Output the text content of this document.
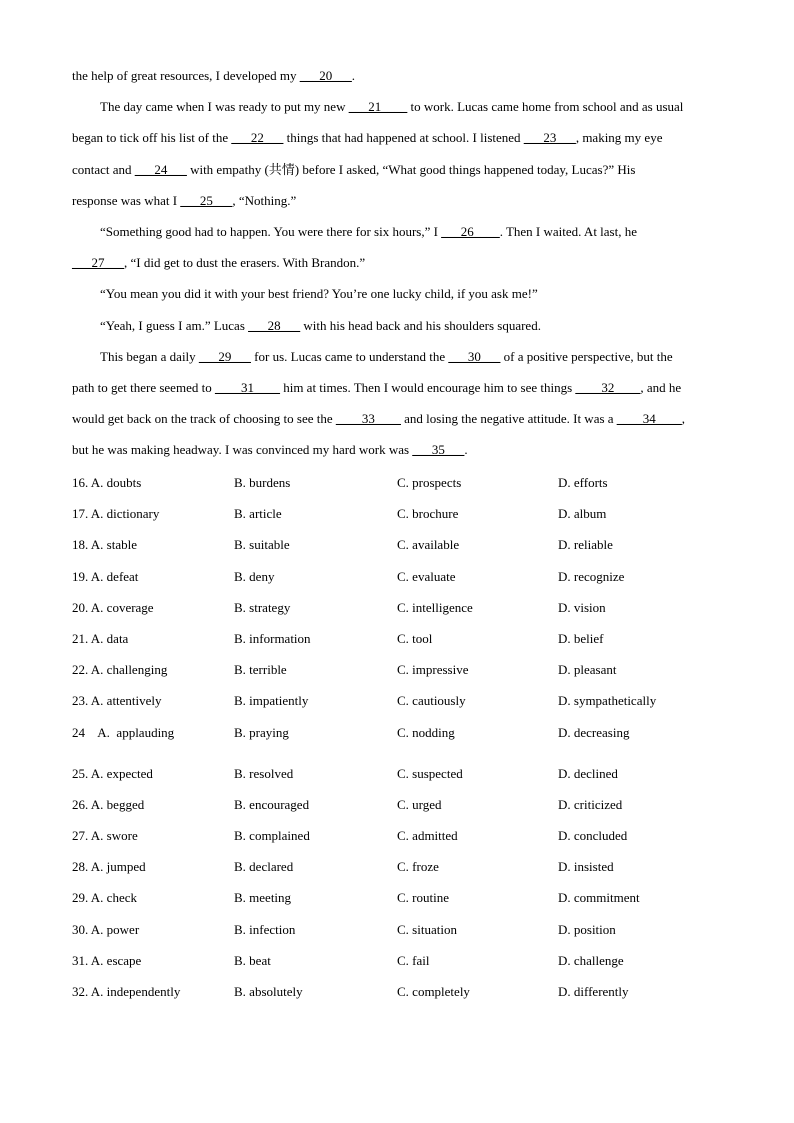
the help of great resources, I developed my ___20___.
The day came when I was ready to put my new ___21____ to work. Lucas came home from school and as usual
began to tick off his list of the ___22___ things that had happened at school. I listened ___23___, making my eye
contact and ___24___ with empathy (共情) before I asked, “What good things happened today, Lucas?” His
response was what I ___25___, “Nothing.”
“Something good had to happen. You were there for six hours,” I ___26____. Then I waited. At last, he
___27___, “I did get to dust the erasers. With Brandon.”
“You mean you did it with your best friend? You’re one lucky child, if you ask me!”
“Yeah, I guess I am.” Lucas ___28___ with his head back and his shoulders squared.
This began a daily ___29___ for us. Lucas came to understand the ___30___ of a positive perspective, but the
path to get there seemed to ____31____ him at times. Then I would encourage him to see things ____32____, and he
would get back on the track of choosing to see the ____33____ and losing the negative attitude. It was a ____34____,
but he was making headway. I was convinced my hard work was ___35___.
16. A. doubts	B. burdens	C. prospects	D. efforts
17. A. dictionary	B. article	C. brochure	D. album
18. A. stable	B. suitable	C. available	D. reliable
19. A. defeat	B. deny	C. evaluate	D. recognize
20. A. coverage	B. strategy	C. intelligence	D. vision
21. A. data	B. information	C. tool	D. belief
22. A. challenging	B. terrible	C. impressive	D. pleasant
23. A. attentively	B. impatiently	C. cautiously	D. sympathetically
24    A.  applauding	B. praying	C. nodding	D. decreasing
25. A. expected	B. resolved	C. suspected	D. declined
26. A. begged	B. encouraged	C. urged	D. criticized
27. A. swore	B. complained	C. admitted	D. concluded
28. A. jumped	B. declared	C. froze	D. insisted
29. A. check	B. meeting	C. routine	D. commitment
30. A. power	B. infection	C. situation	D. position
31. A. escape	B. beat	C. fail	D. challenge
32. A. independently	B. absolutely	C. completely	D. differently
